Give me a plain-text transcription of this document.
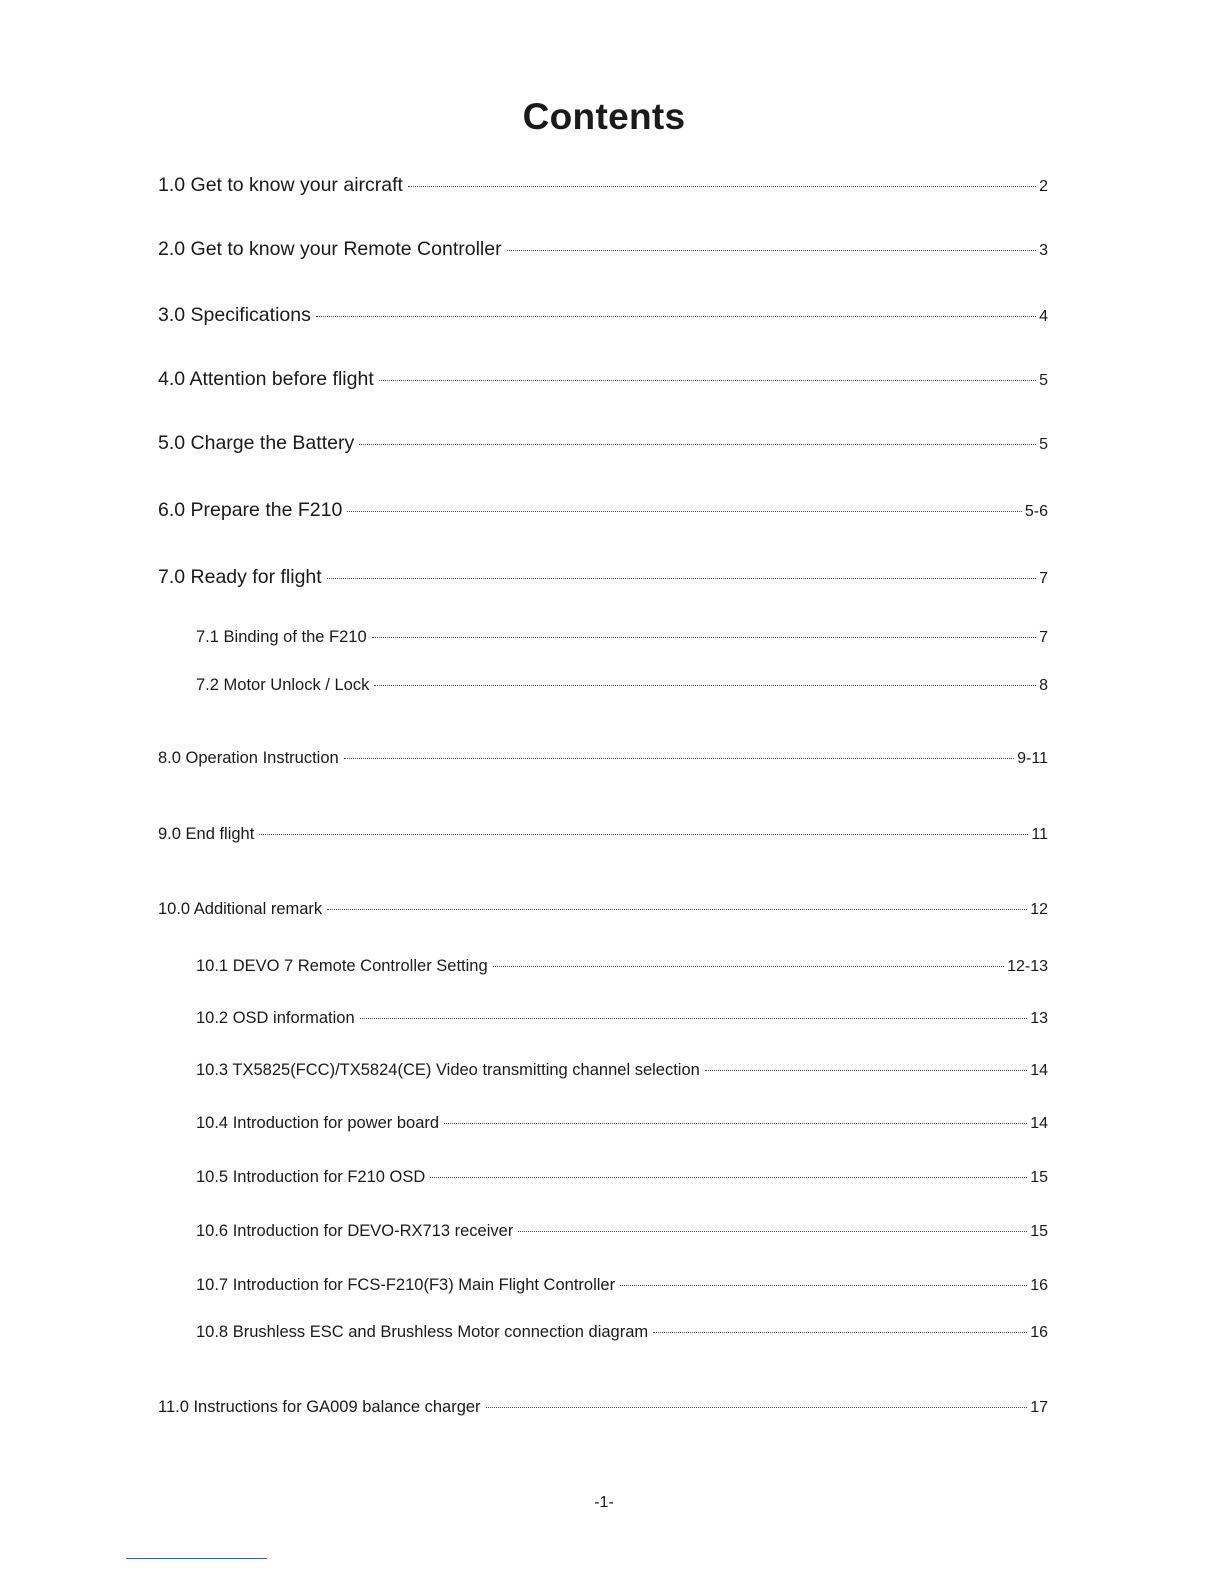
Contents
1.0 Get to know your aircraft	2
2.0 Get to know your Remote Controller	3
3.0 Specifications	4
4.0 Attention before flight	5
5.0 Charge the Battery	5
6.0 Prepare the F210	5-6
7.0 Ready for flight	7
7.1 Binding of the F210	7
7.2 Motor Unlock / Lock	8
8.0 Operation Instruction	9-11
9.0 End flight	11
10.0 Additional remark	12
10.1 DEVO 7 Remote Controller Setting	12-13
10.2 OSD information	13
10.3 TX5825(FCC)/TX5824(CE) Video transmitting channel selection	14
10.4 Introduction for power board	14
10.5 Introduction for F210 OSD	15
10.6 Introduction for DEVO-RX713 receiver	15
10.7 Introduction for FCS-F210(F3) Main Flight Controller	16
10.8 Brushless ESC and Brushless Motor connection diagram	16
11.0 Instructions for GA009 balance charger	17
-1-
